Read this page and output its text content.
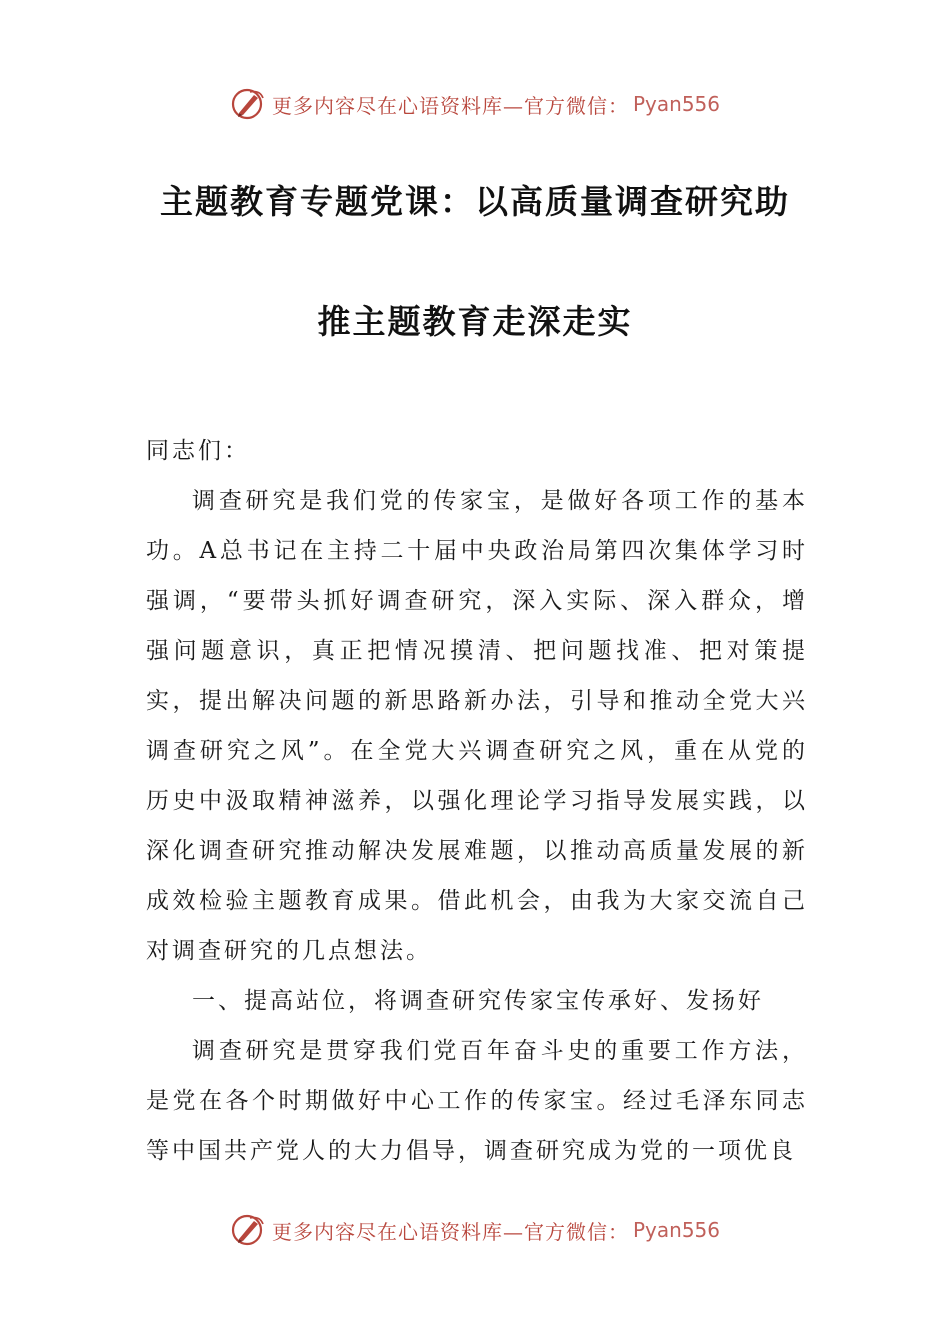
更多内容尽在心语资料库—官方微信： Pyan556
主题教育专题党课：以高质量调查研究助
推主题教育走深走实

同志们：

调查研究是我们党的传家宝，是做好各项工作的基本功。A总书记在主持二十届中央政治局第四次集体学习时强调，“要带头抓好调查研究，深入实际、深入群众，增强问题意识，真正把情况摸清、把问题找准、把对策提实，提出解决问题的新思路新办法，引导和推动全党大兴调查研究之风”。在全党大兴调查研究之风，重在从党的历史中汲取精神滋养，以强化理论学习指导发展实践，以深化调查研究推动解决发展难题，以推动高质量发展的新成效检验主题教育成果。借此机会，由我为大家交流自己对调查研究的几点想法。

一、提高站位，将调查研究传家宝传承好、发扬好

调查研究是贯穿我们党百年奋斗史的重要工作方法，是党在各个时期做好中心工作的传家宝。经过毛泽东同志等中国共产党人的大力倡导，调查研究成为党的一项优良

更多内容尽在心语资料库—官方微信： Pyan556
